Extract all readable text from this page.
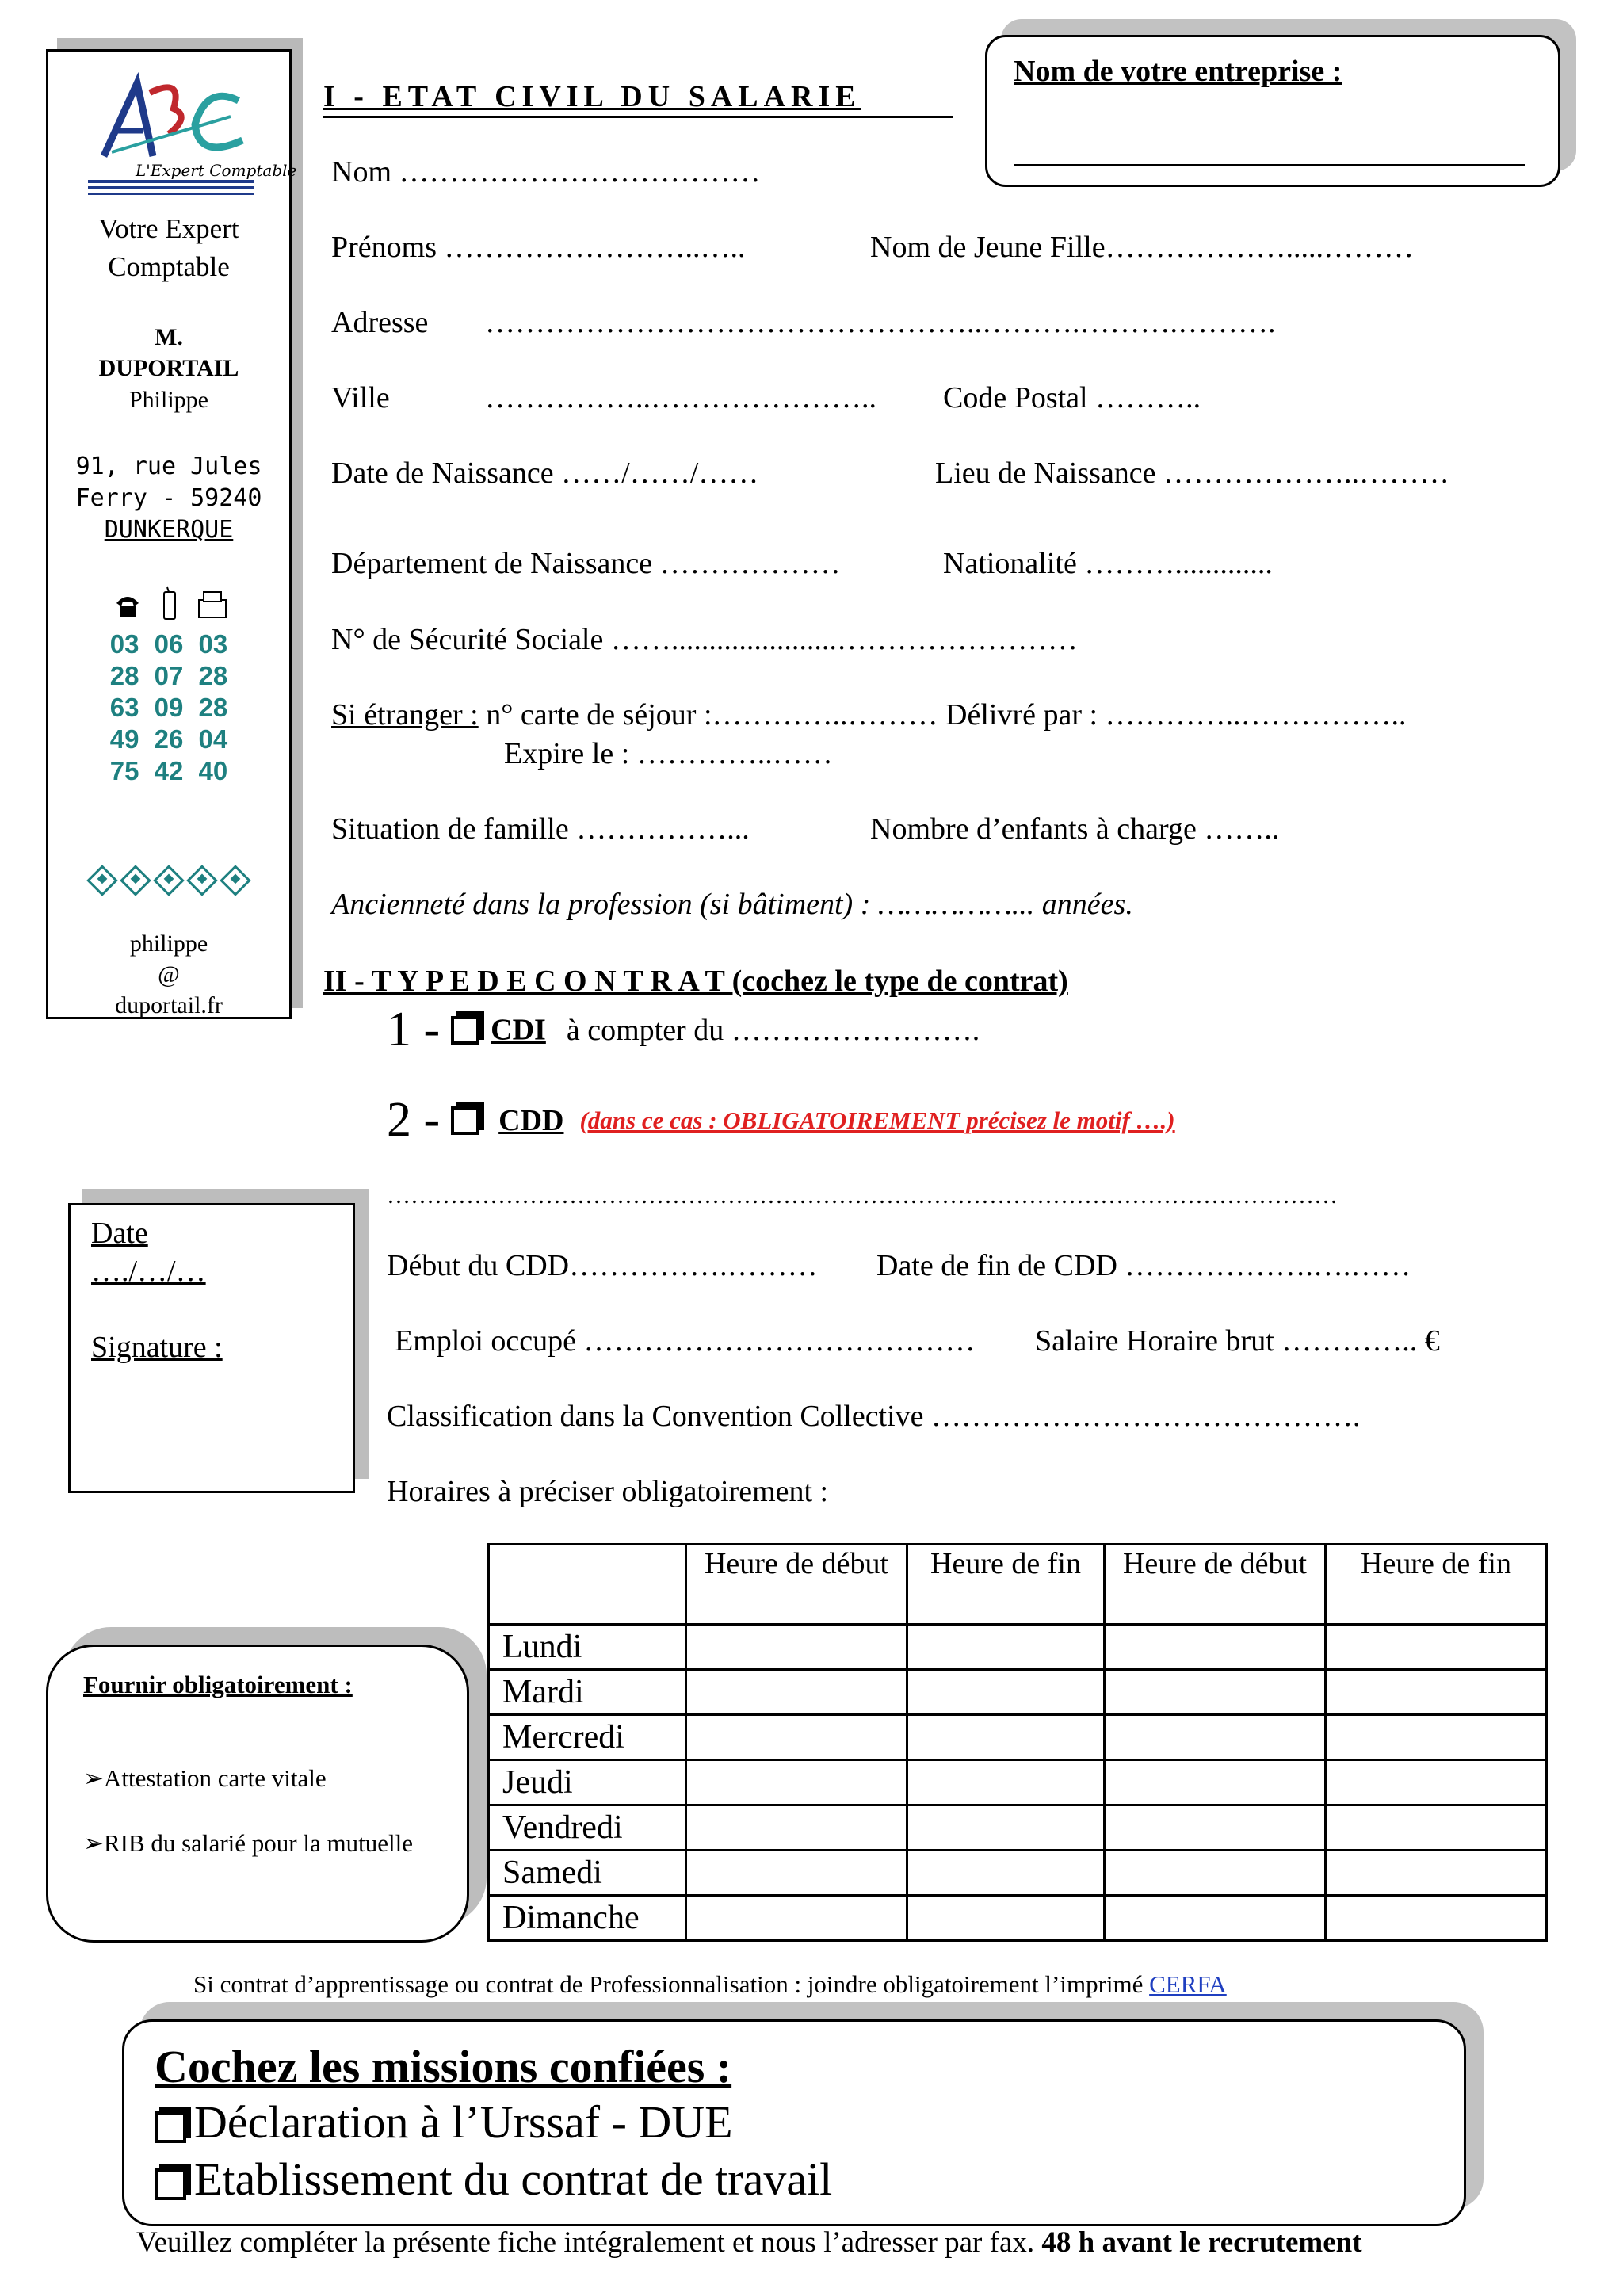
L'Expert Comptable
Votre Expert Comptable
M.
DUPORTAIL
Philippe
91, rue Jules
Ferry - 59240
DUNKERQUE
03 06 03
28 07 28
63 09 28
49 26 04
75 42 40
philippe
@
duportail.fr
Nom de votre entreprise :
I - ETAT CIVIL DU SALARIE
Nom ………………………………
Prénoms ……………………..…..	Nom de Jeune Fille……………….....………
Adresse …………………………………………..……….……….……….
Ville	……………..………………….. Code Postal ………..
Date de Naissance ……/……/……	Lieu de Naissance ………………..………
Département de Naissance ………………	Nationalité ……….............
N° de Sécurité Sociale ……......................……………………
Si étranger : n° carte de séjour :…………..……… Délivré par : …………..……………..
Expire le : …………..……
Situation de famille ……………...	Nombre d’enfants à charge ……..
Ancienneté dans la profession (si bâtiment) : ……………... années.
II - T Y P E D E C O N T R A T (cochez le type de contrat)
1 - CDI à compter du …………………….
2 - CDD (dans ce cas : OBLIGATOIREMENT précisez le motif ….)
…………………………………………………………………………………………………………
Début du CDD…………….……… Date de fin de CDD ……………….….……
Emploi occupé ………………………………… Salaire Horaire brut ………….. €
Classification dans la Convention Collective …………………………………….
Horaires à préciser obligatoirement :
Date
…./…/…
Signature :
	Heure de début	Heure de fin	Heure de début	Heure de fin
Lundi				
Mardi				
Mercredi				
Jeudi				
Vendredi				
Samedi				
Dimanche				
Fournir obligatoirement :
➢Attestation carte vitale
➢RIB du salarié pour la mutuelle
Si contrat d’apprentissage ou contrat de Professionnalisation : joindre obligatoirement l’imprimé CERFA
Cochez les missions confiées :
Déclaration à l’Urssaf - DUE
Etablissement du contrat de travail
Veuillez compléter la présente fiche intégralement et nous l’adresser par fax. 48 h avant le recrutement
